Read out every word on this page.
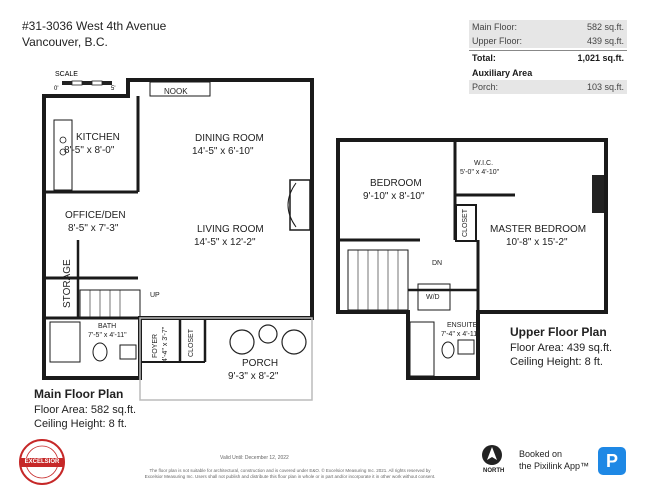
#31-3036 West 4th Avenue
Vancouver, B.C.
Main Floor:	582 sq.ft.
Upper Floor:	439 sq.ft.
Total:	1,021 sq.ft.
Auxiliary Area
Porch:	103 sq.ft.
SCALE
0'	5'	NOOK
KITCHEN
8'-5" x 8'-0"
DINING ROOM
14'-5" x 6'-10"
OFFICE/DEN
8'-5" x 7'-3"	LIVING ROOM
14'-5" x 12'-2"
STORAGE	UP
BATH
7'-5" x 4'-11"	FOYER 4'-4" x 3'-7"	CLOSET
PORCH
9'-3" x 8'-2"
BEDROOM
9'-10" x 8'-10"
W.I.C.
5'-0" x 4'-10"
CLOSET MASTER BEDROOM
10'-8" x 15'-2"
DN
W/D
ENSUITE
7'-4" x 4'-11"
Main Floor Plan
Floor Area: 582 sq.ft.
Ceiling Height: 8 ft.
Upper Floor Plan
Floor Area: 439 sq.ft.
Ceiling Height: 8 ft.
Valid Until: December 12, 2022
The floor plan is not suitable for architectural, construction and is covered under E&O. © Excelsior Measuring Inc. 2021. All rights reserved by
Excelsior Measuring Inc. Users shall not publish and distribute this floor plan in whole or in part and/or incorporate it in other work without consent.
EXCELSIOR
NORTH
Booked on
the Pixilink App™ P
